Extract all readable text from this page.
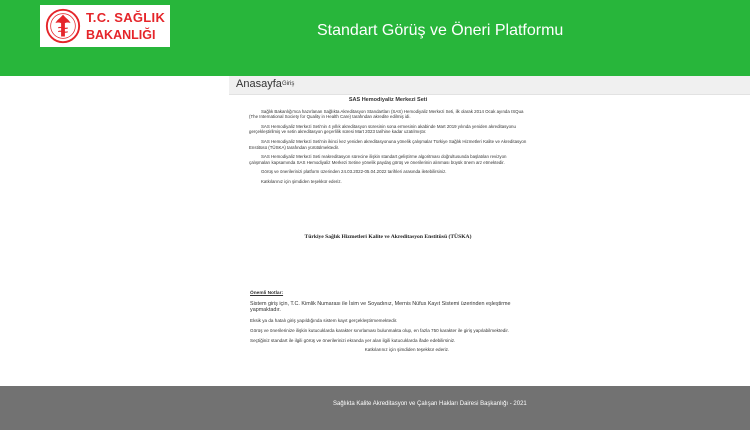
T.C. SAĞLIK
BAKANLIĞI	Standart Görüş ve Öneri Platformu
Anasayfa Giriş
SAS Hemodiyaliz Merkezi Seti

Sağlık Bakanlığı'nca hazırlanan Sağlıkta Akreditasyon Standartları (SAS) Hemodiyaliz Merkezi Seti, ilk olarak 2014 Ocak ayında ISQua (The International Society for Quality in Health Care) tarafından akredite edilmiş idi.

SAS Hemodiyaliz Merkezi Seti'nin 4 yıllık akreditasyon süresinin sona ermesinin akabinde Mart 2019 yılında yeniden akreditasyonu gerçekleştirilmiş ve setin akreditasyon geçerlilik süresi Mart 2023 tarihine kadar uzatılmıştır.

SAS Hemodiyaliz Merkezi Seti'nin ikinci kez yeniden akreditasyonuna yönelik çalışmalar Türkiye Sağlık Hizmetleri Kalite ve Akreditasyon Enstitüsü (TÜSKA) tarafından yürütülmektedir.

SAS Hemodiyaliz Merkezi Seti reakreditasyon sürecine ilişkin standart geliştirme algoritması doğrultusunda başlatılan revizyon çalışmaları kapsamında SAS Hemodiyaliz Merkezi Setine yönelik paydaş görüş ve önerilerinin alınması büyük önem arz etmektedir.

Görüş ve önerilerinizi platform üzerinden 24.03.2022-05.04.2022 tarihleri arasında iletebilirsiniz.

Katkılarınız için şimdiden teşekkür ederiz.

Türkiye Sağlık Hizmetleri Kalite ve Akreditasyon Enstitüsü (TÜSKA)
Önemli Notlar:

Sistem giriş için, T.C. Kimlik Numarası ile İsim ve Soyadınız, Mernis Nüfus Kayıt Sistemi üzerinden eşleştirme yapmaktadır.

Eksik ya da hatalı giriş yapıldığında sistem kayıt gerçekleştirmemektedir.

Görüş ve önerilerinize ilişkin kutucuklarda karakter sınırlaması bulunmakta olup, en fazla 750 karakter ile giriş yapılabilmektedir.

Seçtiğiniz standart ile ilgili görüş ve önerilerinizi ekranda yer alan ilgili kutucuklarda ifade edebilirsiniz.

Katkılarınız için şimdiden teşekkür ederiz.

Sağlıkta Kalite Akreditasyon ve Çalışan Hakları Dairesi Başkanlığı - 2021
